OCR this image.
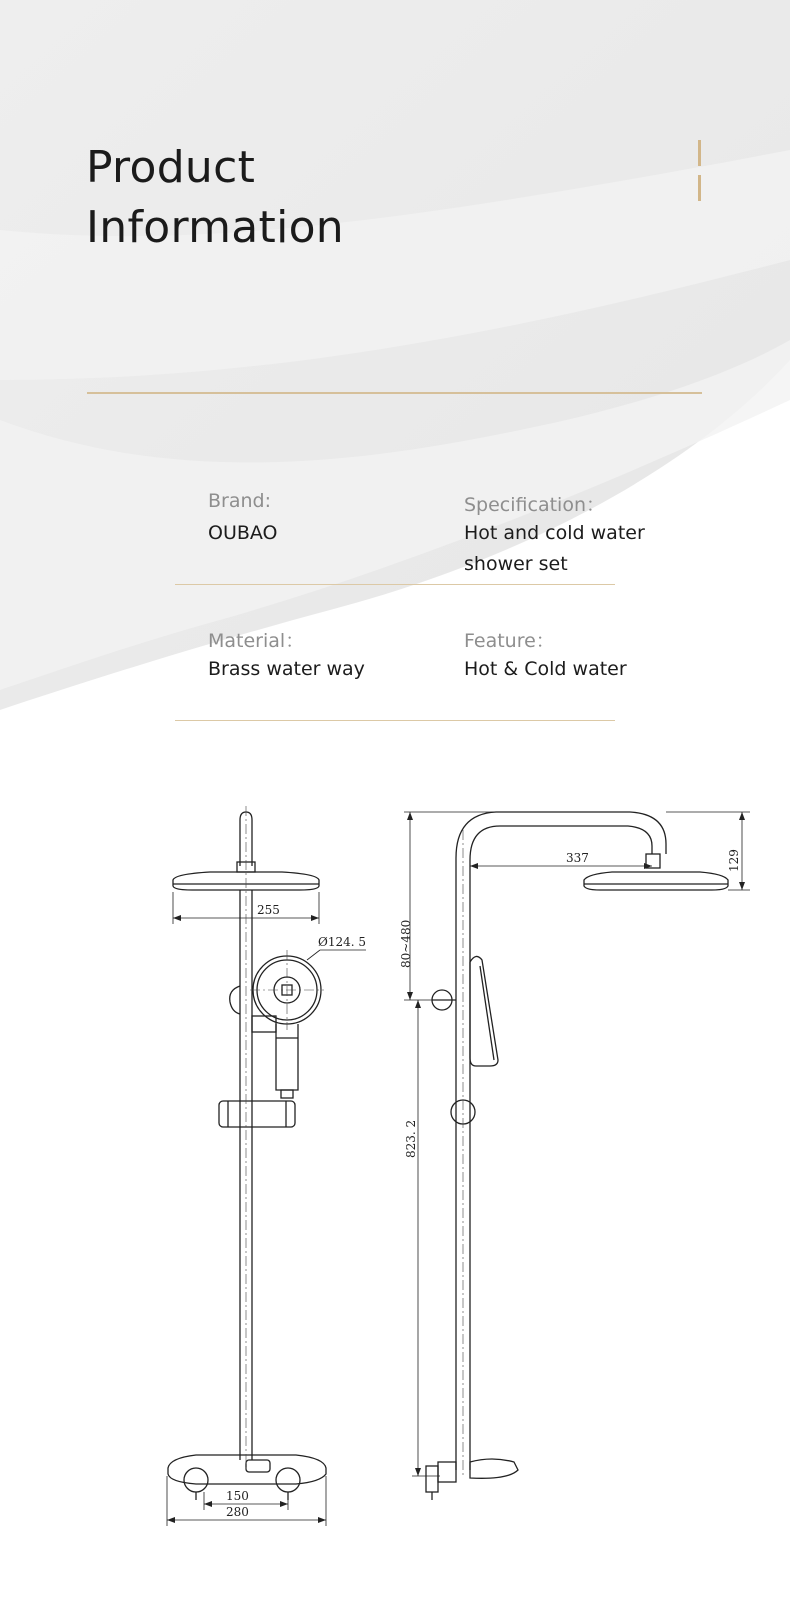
Product
Information
Brand:
OUBAO
Specification：
Hot and cold water
shower set
Material：
Brass water way
Feature：
Hot & Cold water
255
Ø124. 5
150
280
337	129
80~480
823. 2
